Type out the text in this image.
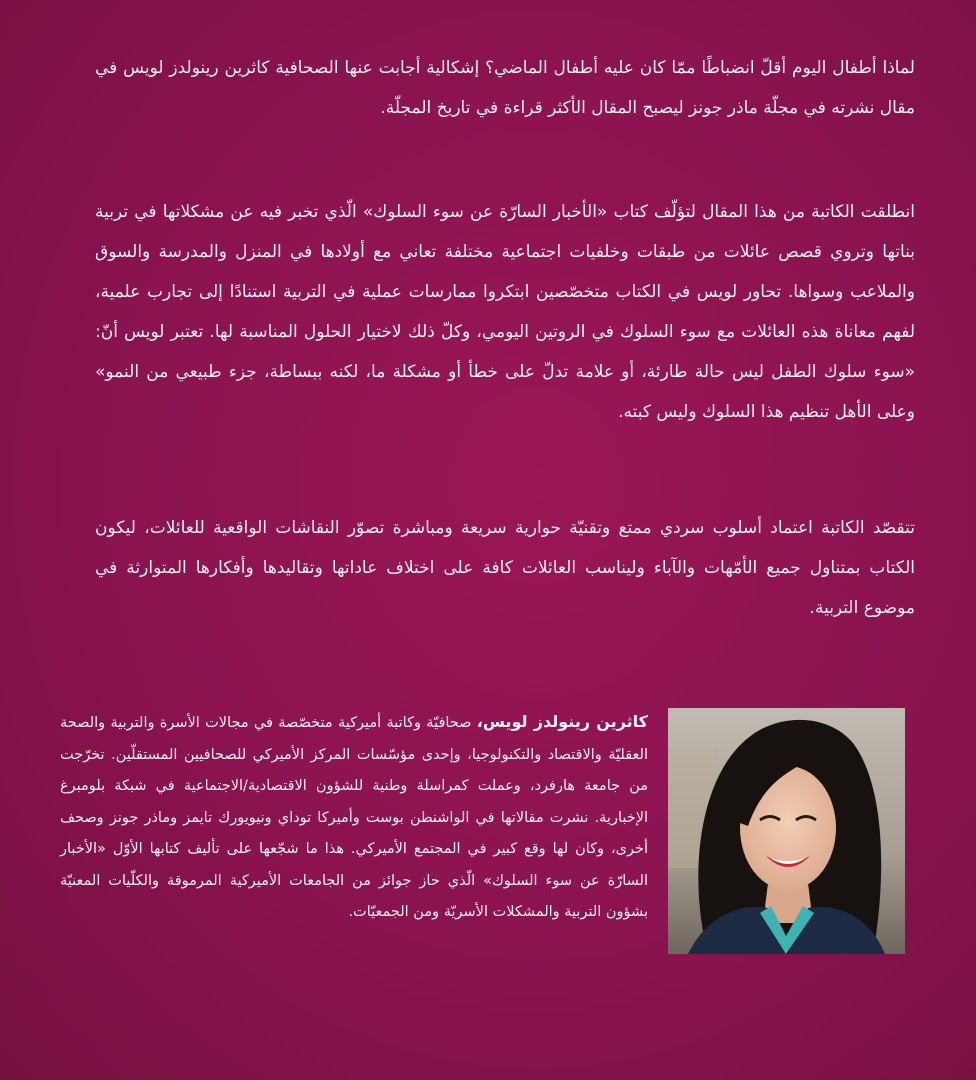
لماذا أطفال اليوم أقلّ انضباطًا ممّا كان عليه أطفال الماضي؟ إشكالية أجابت عنها الصحافية كاثرين رينولدز لويس في مقال نشرته في مجلّة ماذر جونز ليصبح المقال الأكثر قراءة في تاريخ المجلّة.

انطلقت الكاتبة من هذا المقال لتؤلّف كتاب «الأخبار السارّة عن سوء السلوك» الّذي تخبر فيه عن مشكلاتها في تربية بناتها وتروي قصص عائلات من طبقات وخلفيات اجتماعية مختلفة تعاني مع أولادها في المنزل والمدرسة والسوق والملاعب وسواها. تحاور لويس في الكتاب متخصّصين ابتكروا ممارسات عملية في التربية استنادًا إلى تجارب علمية، لفهم معاناة هذه العائلات مع سوء السلوك في الروتين اليومي، وكلّ ذلك لاختيار الحلول المناسبة لها. تعتبر لويس أنّ: «سوء سلوك الطفل ليس حالة طارئة، أو علامة تدلّ على خطأ أو مشكلة ما، لكنه ببساطة، جزء طبيعي من النمو» وعلى الأهل تنظيم هذا السلوك وليس كبته.

تتقصّد الكاتبة اعتماد أسلوب سردي ممتع وتقنيّة حوارية سريعة ومباشرة تصوّر النقاشات الواقعية للعائلات، ليكون الكتاب بمتناول جميع الأمّهات والآباء وليناسب العائلات كافة على اختلاف عاداتها وتقاليدها وأفكارها المتوارثة في موضوع التربية.

كاثرين رينولدز لويس، صحافيّة وكاتبة أميركية متخصّصة في مجالات الأسرة والتربية والصحة العقليّة والاقتصاد والتكنولوجيا، وإحدى مؤسّسات المركز الأميركي للصحافيين المستقلّين. تخرّجت من جامعة هارفرد، وعملت كمراسلة وطنية للشؤون الاقتصادية/الاجتماعية في شبكة بلومبرغ الإخبارية. نشرت مقالاتها في الواشنطن بوست وأميركا توداي ونيويورك تايمز وماذر جونز وصحف أخرى، وكان لها وقع كبير في المجتمع الأميركي. هذا ما شجّعها على تأليف كتابها الأوّل «الأخبار السارّة عن سوء السلوك» الّذي حاز جوائز من الجامعات الأميركية المرموقة والكلّيات المعنيّة بشؤون التربية والمشكلات الأسريّة ومن الجمعيّات.
